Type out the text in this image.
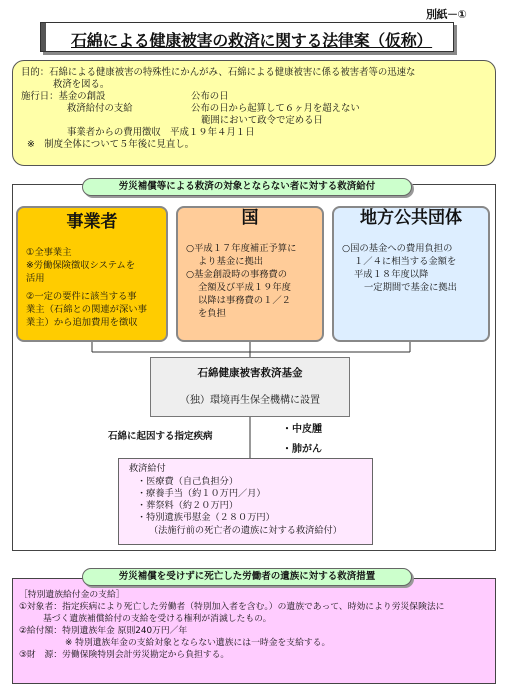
別紙－①
石綿による健康被害の救済に関する法律案（仮称）
目的：石綿による健康被害の特殊性にかんがみ、石綿による健康被害に係る被害者等の迅速な
救済を図る。
施行日：基金の創設	公布の日
救済給付の支給	公布の日から起算して６ヶ月を超えない
範囲において政令で定める日
事業者からの費用徴収　平成１９年４月１日
※　制度全体について５年後に見直し。
労災補償等による救済の対象とならない者に対する救済給付
事業者
①全事業主
※労働保険徴収システムを
活用
②一定の要件に該当する事
業主（石綿との関連が深い事
業主）から追加費用を徴収
国
○平成１７年度補正予算に
より基金に拠出
○基金創設時の事務費の
全額及び平成１９年度
以降は事務費の１／２
を負担
地方公共団体
○国の基金への費用負担の
１／４に相当する金額を
平成１８年度以降
一定期間で基金に拠出
石綿健康被害救済基金
（独）環境再生保全機構に設置
石綿に起因する指定疾病
・中皮腫
・肺がん
救済給付
・医療費（自己負担分）
・療養手当（約１０万円／月）
・葬祭料（約２０万円）
・特別遺族弔慰金（２８０万円）
（法施行前の死亡者の遺族に対する救済給付）
［特別遺族給付金の支給］
①対象者：指定疾病により死亡した労働者（特別加入者を含む。）の遺族であって、時効により労災保険法に
基づく遺族補償給付の支給を受ける権利が消滅したもの。
②給付額：特別遺族年金 原則240万円／年
※ 特別遺族年金の支給対象とならない遺族には一時金を支給する。
③財　源：労働保険特別会計労災勘定から負担する。
労災補償を受けずに死亡した労働者の遺族に対する救済措置
